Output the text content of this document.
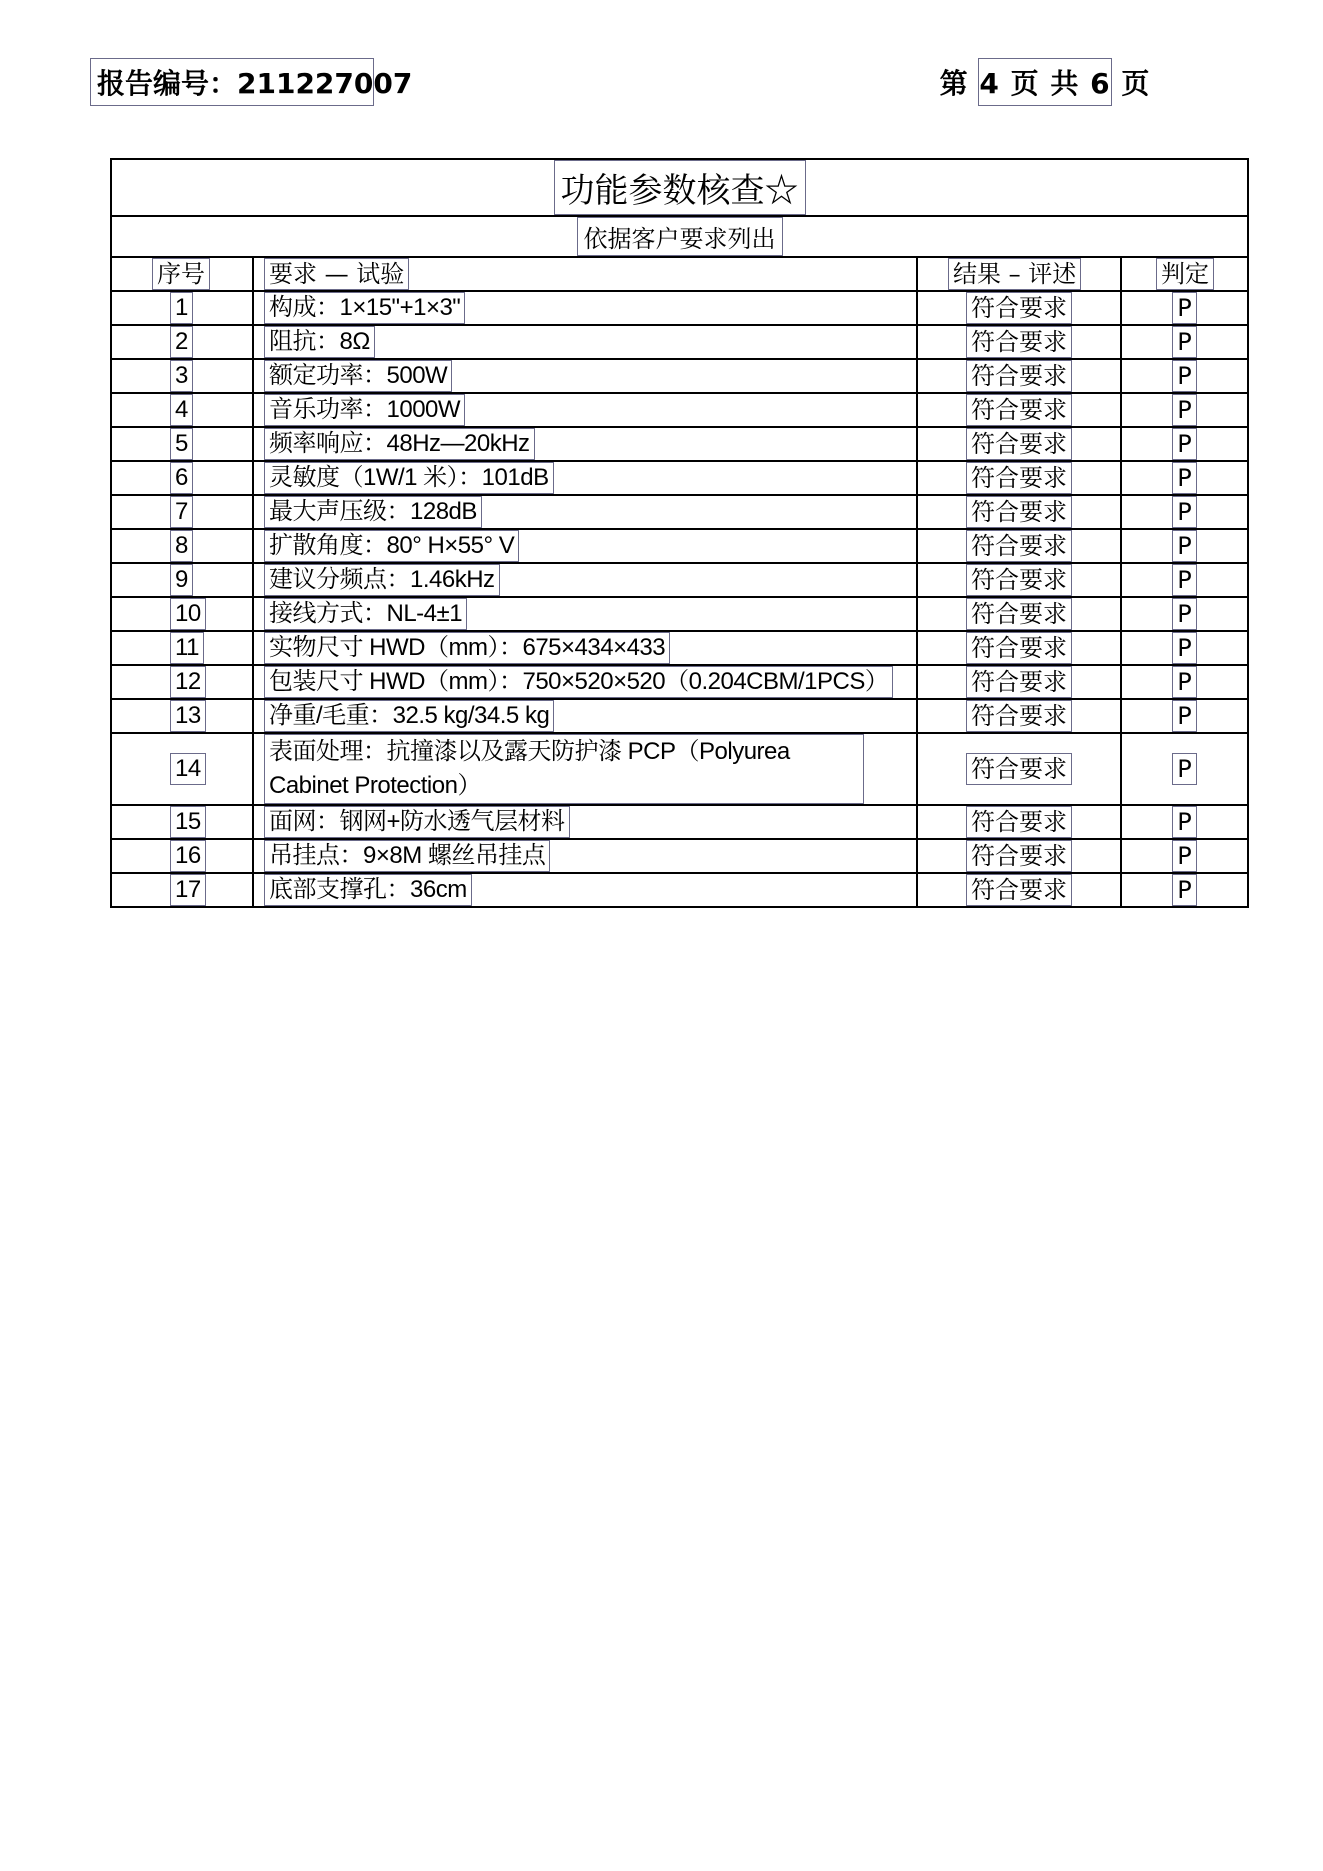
报告编号：211227007	第 4 页 共 6 页
功能参数核查☆			
依据客户要求列出			
序号	要求 — 试验	结果 – 评述	判定
1	构成：1×15"+1×3"	符合要求	P
2	阻抗：8Ω	符合要求	P
3	额定功率：500W	符合要求	P
4	音乐功率：1000W	符合要求	P
5	频率响应：48Hz—20kHz	符合要求	P
6	灵敏度（1W/1 米）：101dB	符合要求	P
7	最大声压级：128dB	符合要求	P
8	扩散角度：80° H×55° V	符合要求	P
9	建议分频点：1.46kHz	符合要求	P
10	接线方式：NL-4±1	符合要求	P
11	实物尺寸 HWD（mm）：675×434×433	符合要求	P
12	包装尺寸 HWD（mm）：750×520×520（0.204CBM/1PCS）	符合要求	P
13	净重/毛重：32.5 kg/34.5 kg	符合要求	P
14	表面处理：抗撞漆以及露天防护漆 PCP（Polyurea Cabinet Protection）	符合要求	P
15	面网：钢网+防水透气层材料	符合要求	P
16	吊挂点：9×8M 螺丝吊挂点	符合要求	P
17	底部支撑孔：36cm	符合要求	P
